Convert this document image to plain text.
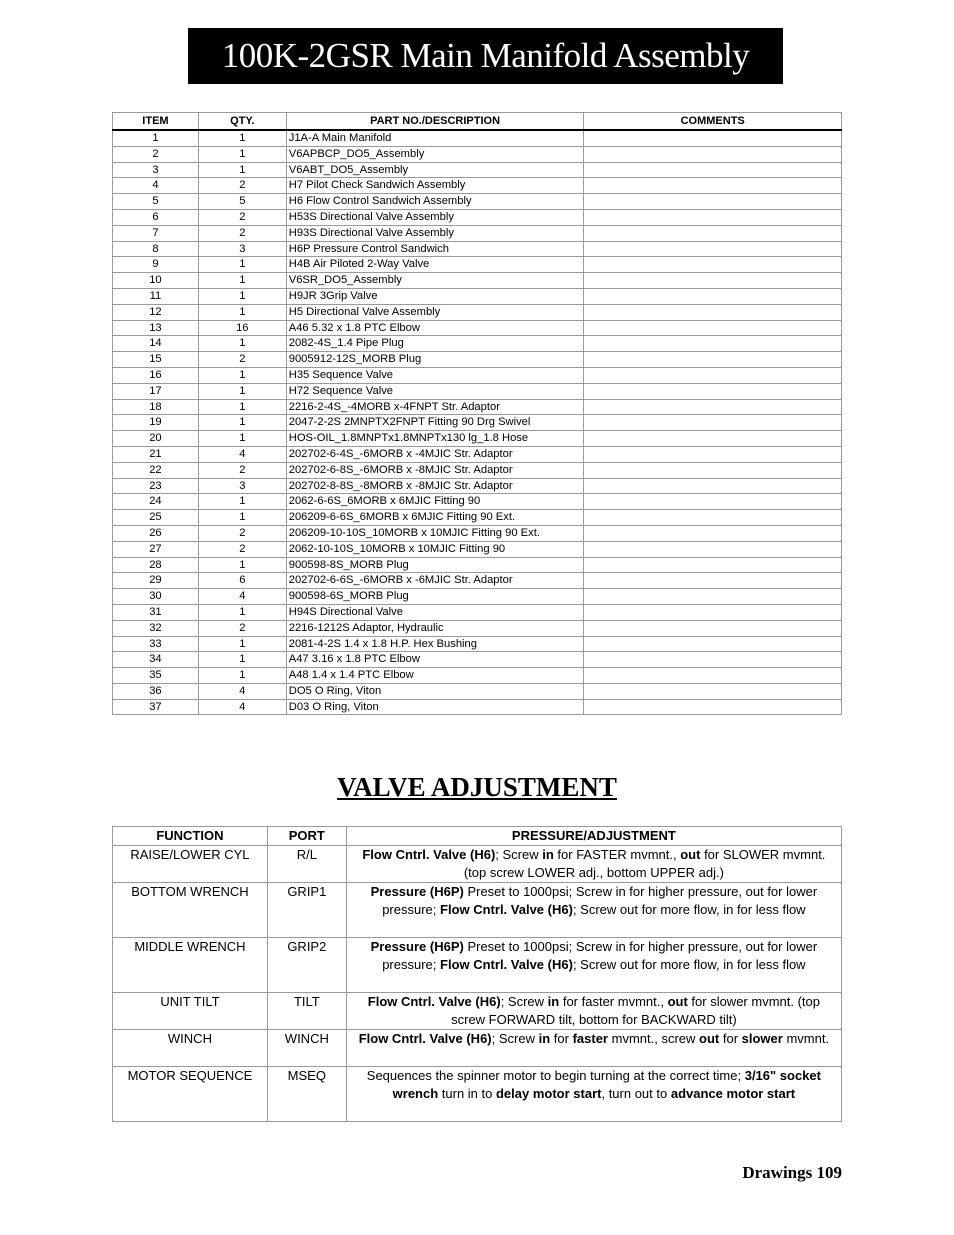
100K-2GSR Main Manifold Assembly
ITEM	QTY.	PART NO./DESCRIPTION	COMMENTS
1	1	J1A-A Main Manifold	
2	1	V6APBCP_DO5_Assembly	
3	1	V6ABT_DO5_Assembly	
4	2	H7 Pilot Check Sandwich Assembly	
5	5	H6 Flow Control Sandwich Assembly	
6	2	H53S Directional Valve Assembly	
7	2	H93S Directional Valve Assembly	
8	3	H6P Pressure Control Sandwich	
9	1	H4B Air Piloted 2-Way Valve	
10	1	V6SR_DO5_Assembly	
11	1	H9JR 3Grip Valve	
12	1	H5 Directional Valve Assembly	
13	16	A46 5.32 x 1.8 PTC Elbow	
14	1	2082-4S_1.4 Pipe Plug	
15	2	9005912-12S_MORB Plug	
16	1	H35 Sequence Valve	
17	1	H72 Sequence Valve	
18	1	2216-2-4S_-4MORB x-4FNPT Str. Adaptor	
19	1	2047-2-2S 2MNPTX2FNPT Fitting 90 Drg Swivel	
20	1	HOS-OIL_1.8MNPTx1.8MNPTx130 lg_1.8 Hose	
21	4	202702-6-4S_-6MORB x -4MJIC Str. Adaptor	
22	2	202702-6-8S_-6MORB x -8MJIC Str. Adaptor	
23	3	202702-8-8S_-8MORB x -8MJIC Str. Adaptor	
24	1	2062-6-6S_6MORB x 6MJIC Fitting 90	
25	1	206209-6-6S_6MORB x 6MJIC Fitting 90 Ext.	
26	2	206209-10-10S_10MORB x 10MJIC Fitting 90 Ext.	
27	2	2062-10-10S_10MORB x 10MJIC Fitting 90	
28	1	900598-8S_MORB Plug	
29	6	202702-6-6S_-6MORB x -6MJIC Str. Adaptor	
30	4	900598-6S_MORB Plug	
31	1	H94S Directional Valve	
32	2	2216-1212S Adaptor, Hydraulic	
33	1	2081-4-2S 1.4 x 1.8 H.P. Hex Bushing	
34	1	A47 3.16 x 1.8 PTC Elbow	
35	1	A48 1.4 x 1.4 PTC Elbow	
36	4	DO5 O Ring, Viton	
37	4	D03 O Ring, Viton	
VALVE ADJUSTMENT
FUNCTION	PORT	PRESSURE/ADJUSTMENT
RAISE/LOWER CYL	R/L	Flow Cntrl. Valve (H6); Screw in for FASTER mvmnt., out for SLOWER mvmnt. (top screw LOWER adj., bottom UPPER adj.)
BOTTOM WRENCH	GRIP1	Pressure (H6P) Preset to 1000psi; Screw in for higher pressure, out for lower pressure; Flow Cntrl. Valve (H6); Screw out for more flow, in for less flow
MIDDLE WRENCH	GRIP2	Pressure (H6P) Preset to 1000psi; Screw in for higher pressure, out for lower pressure; Flow Cntrl. Valve (H6); Screw out for more flow, in for less flow
UNIT TILT	TILT	Flow Cntrl. Valve (H6); Screw in for faster mvmnt., out for slower mvmnt. (top screw FORWARD tilt, bottom for BACKWARD tilt)
WINCH	WINCH	Flow Cntrl. Valve (H6); Screw in for faster mvmnt., screw out for slower mvmnt.
MOTOR SEQUENCE	MSEQ	Sequences the spinner motor to begin turning at the correct time; 3/16" socket wrench turn in to delay motor start, turn out to advance motor start
Drawings 109
